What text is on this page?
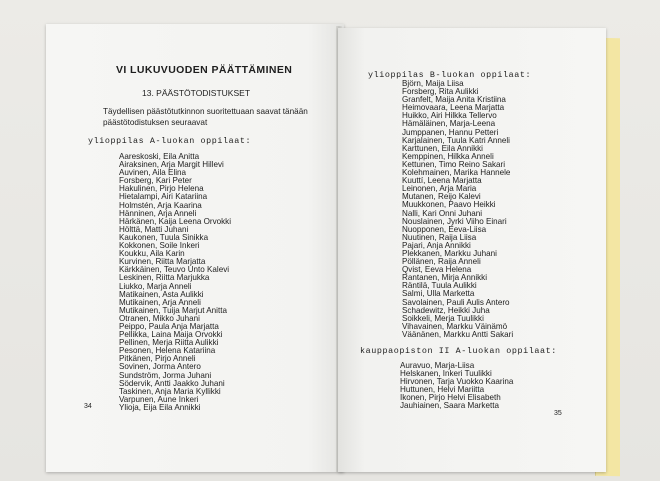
VI LUKUVUODEN PÄÄTTÄMINEN
13. PÄÄSTÖTODISTUKSET
Täydellisen päästötutkinnon suoritettuaan saavat tänään
päästötodistuksen seuraavat
ylioppilas A-luokan oppilaat:
Aareskoski, Eila Anitta
Airaksinen, Arja Margit Hillevi
Auvinen, Aila Elina
Forsberg, Kari Peter
Hakulinen, Pirjo Helena
Hietalampi, Airi Katariina
Holmstén, Arja Kaarina
Hänninen, Arja Anneli
Härkänen, Kaija Leena Orvokki
Hölttä, Matti Juhani
Kaukonen, Tuula Sinikka
Kokkonen, Soile Inkeri
Koukku, Aila Karin
Kurvinen, Riitta Marjatta
Kärkkäinen, Teuvo Unto Kalevi
Leskinen, Riitta Marjukka
Liukko, Marja Anneli
Matikainen, Asta Aulikki
Mutikainen, Arja Anneli
Mutikainen, Tuija Marjut Anitta
Otranen, Mikko Juhani
Peippo, Paula Anja Marjatta
Pellikka, Laina Maija Orvokki
Pellinen, Merja Riitta Aulikki
Pesonen, Helena Katariina
Pitkänen, Pirjo Anneli
Sovinen, Jorma Antero
Sundström, Jorma Juhani
Södervik, Antti Jaakko Juhani
Taskinen, Anja Maria Kyllikki
Varpunen, Aune Inkeri
Ylioja, Eija Eila Annikki
34
ylioppilas B-luokan oppilaat:
Björn, Maija Liisa
Forsberg, Rita Aulikki
Granfelt, Maija Anita Kristiina
Heimovaara, Leena Marjatta
Huikko, Airi Hilkka Tellervo
Hämäläinen, Marja-Leena
Jumppanen, Hannu Petteri
Karjalainen, Tuula Katri Anneli
Karttunen, Eila Annikki
Kemppinen, Hilkka Anneli
Kettunen, Timo Reino Sakari
Kolehmainen, Marika Hannele
Kuuttí, Leena Marjatta
Leinonen, Arja Maria
Mutanen, Reijo Kalevi
Muukkonen, Paavo Heikki
Nalli, Kari Onni Juhani
Nouslainen, Jyrki Viiho Einari
Nuopponen, Eeva-Liisa
Nuutinen, Raija Liisa
Pajari, Anja Annikki
Plekkanen, Markku Juhani
Pöllänen, Raija Anneli
Qvist, Eeva Helena
Rantanen, Mirja Annikki
Räntilä, Tuula Aulikki
Salmi, Ulla Marketta
Savolainen, Pauli Aulis Antero
Schadewitz, Heikki Juha
Soikkeli, Merja Tuulikki
Vihavainen, Markku Väinämö
Väänänen, Markku Antti Sakari
kauppaopiston II A-luokan oppilaat:
Auravuo, Marja-Liisa
Helskanen, Inkeri Tuulikki
Hirvonen, Tarja Vuokko Kaarina
Huttunen, Helvi Mariitta
Ikonen, Pirjo Helvi Elisabeth
Jauhiainen, Saara Marketta
35
